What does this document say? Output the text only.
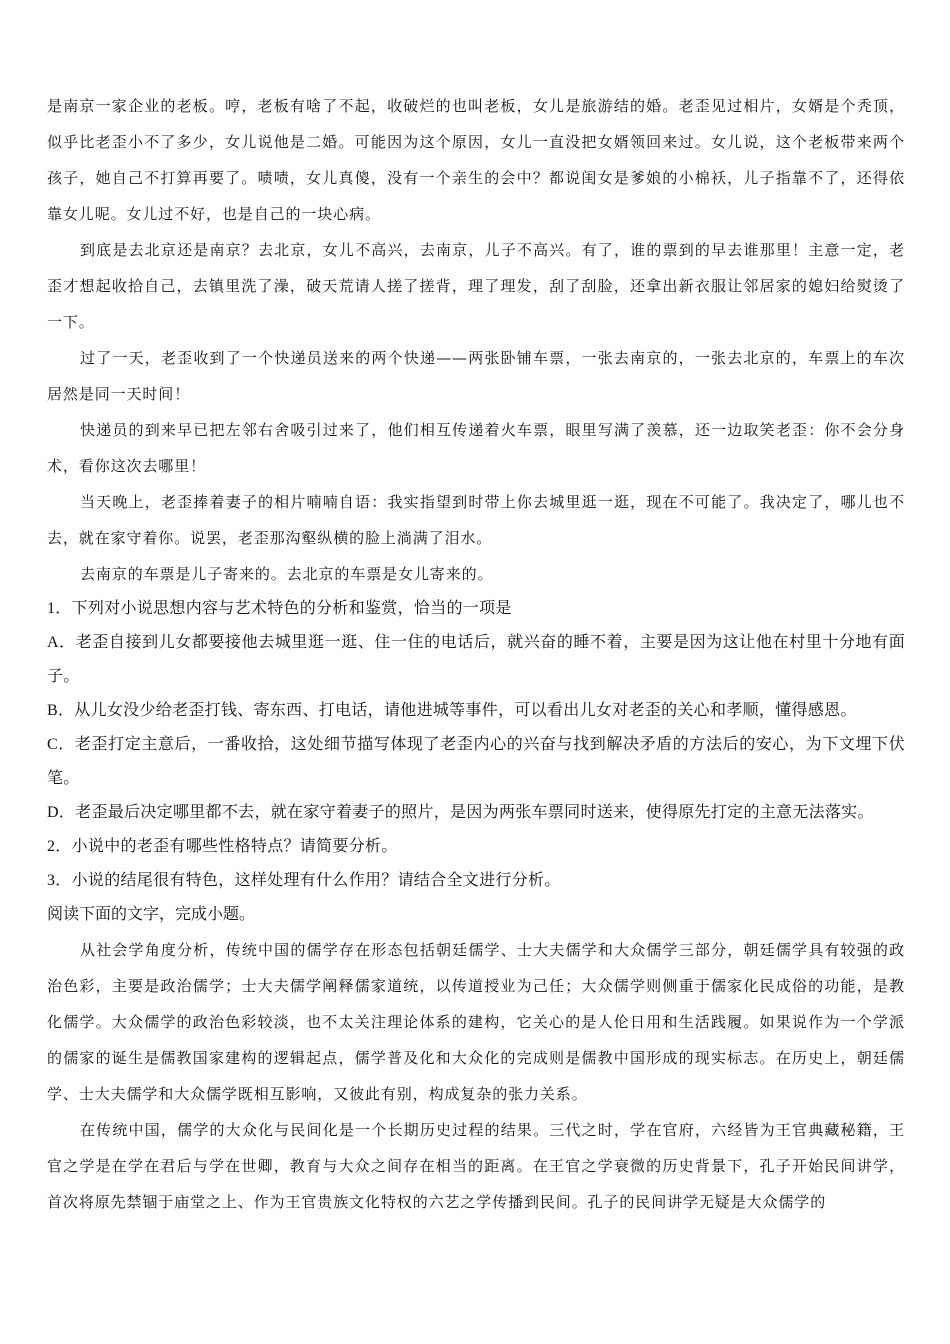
是南京一家企业的老板。哼，老板有啥了不起，收破烂的也叫老板，女儿是旅游结的婚。老歪见过相片，女婿是个秃顶，似乎比老歪小不了多少，女儿说他是二婚。可能因为这个原因，女儿一直没把女婿领回来过。女儿说，这个老板带来两个孩子，她自己不打算再要了。啧啧，女儿真傻，没有一个亲生的会中？都说闺女是爹娘的小棉袄，儿子指靠不了，还得依靠女儿呢。女儿过不好，也是自己的一块心病。

到底是去北京还是南京？去北京，女儿不高兴，去南京，儿子不高兴。有了，谁的票到的早去谁那里！主意一定，老歪才想起收拾自己，去镇里洗了澡，破天荒请人搓了搓背，理了理发，刮了刮脸，还拿出新衣服让邻居家的媳妇给熨烫了一下。

过了一天，老歪收到了一个快递员送来的两个快递——两张卧铺车票，一张去南京的，一张去北京的，车票上的车次居然是同一天时间！

快递员的到来早已把左邻右舍吸引过来了，他们相互传递着火车票，眼里写满了羡慕，还一边取笑老歪：你不会分身术，看你这次去哪里！

当天晚上，老歪捧着妻子的相片喃喃自语：我实指望到时带上你去城里逛一逛，现在不可能了。我决定了，哪儿也不去，就在家守着你。说罢，老歪那沟壑纵横的脸上淌满了泪水。

去南京的车票是儿子寄来的。去北京的车票是女儿寄来的。

1．下列对小说思想内容与艺术特色的分析和鉴赏，恰当的一项是

A．老歪自接到儿女都要接他去城里逛一逛、住一住的电话后，就兴奋的睡不着，主要是因为这让他在村里十分地有面子。

B．从儿女没少给老歪打钱、寄东西、打电话，请他进城等事件，可以看出儿女对老歪的关心和孝顺，懂得感恩。

C．老歪打定主意后，一番收拾，这处细节描写体现了老歪内心的兴奋与找到解决矛盾的方法后的安心，为下文埋下伏笔。

D．老歪最后决定哪里都不去，就在家守着妻子的照片，是因为两张车票同时送来，使得原先打定的主意无法落实。

2．小说中的老歪有哪些性格特点？请简要分析。

3．小说的结尾很有特色，这样处理有什么作用？请结合全文进行分析。

阅读下面的文字，完成小题。

从社会学角度分析，传统中国的儒学存在形态包括朝廷儒学、士大夫儒学和大众儒学三部分，朝廷儒学具有较强的政治色彩，主要是政治儒学；士大夫儒学阐释儒家道统，以传道授业为己任；大众儒学则侧重于儒家化民成俗的功能，是教化儒学。大众儒学的政治色彩较淡，也不太关注理论体系的建构，它关心的是人伦日用和生活践履。如果说作为一个学派的儒家的诞生是儒教国家建构的逻辑起点，儒学普及化和大众化的完成则是儒教中国形成的现实标志。在历史上，朝廷儒学、士大夫儒学和大众儒学既相互影响，又彼此有别，构成复杂的张力关系。

在传统中国，儒学的大众化与民间化是一个长期历史过程的结果。三代之时，学在官府，六经皆为王官典藏秘籍，王官之学是在学在君后与学在世卿，教育与大众之间存在相当的距离。在王官之学衰微的历史背景下，孔子开始民间讲学，首次将原先禁锢于庙堂之上、作为王官贵族文化特权的六艺之学传播到民间。孔子的民间讲学无疑是大众儒学的
